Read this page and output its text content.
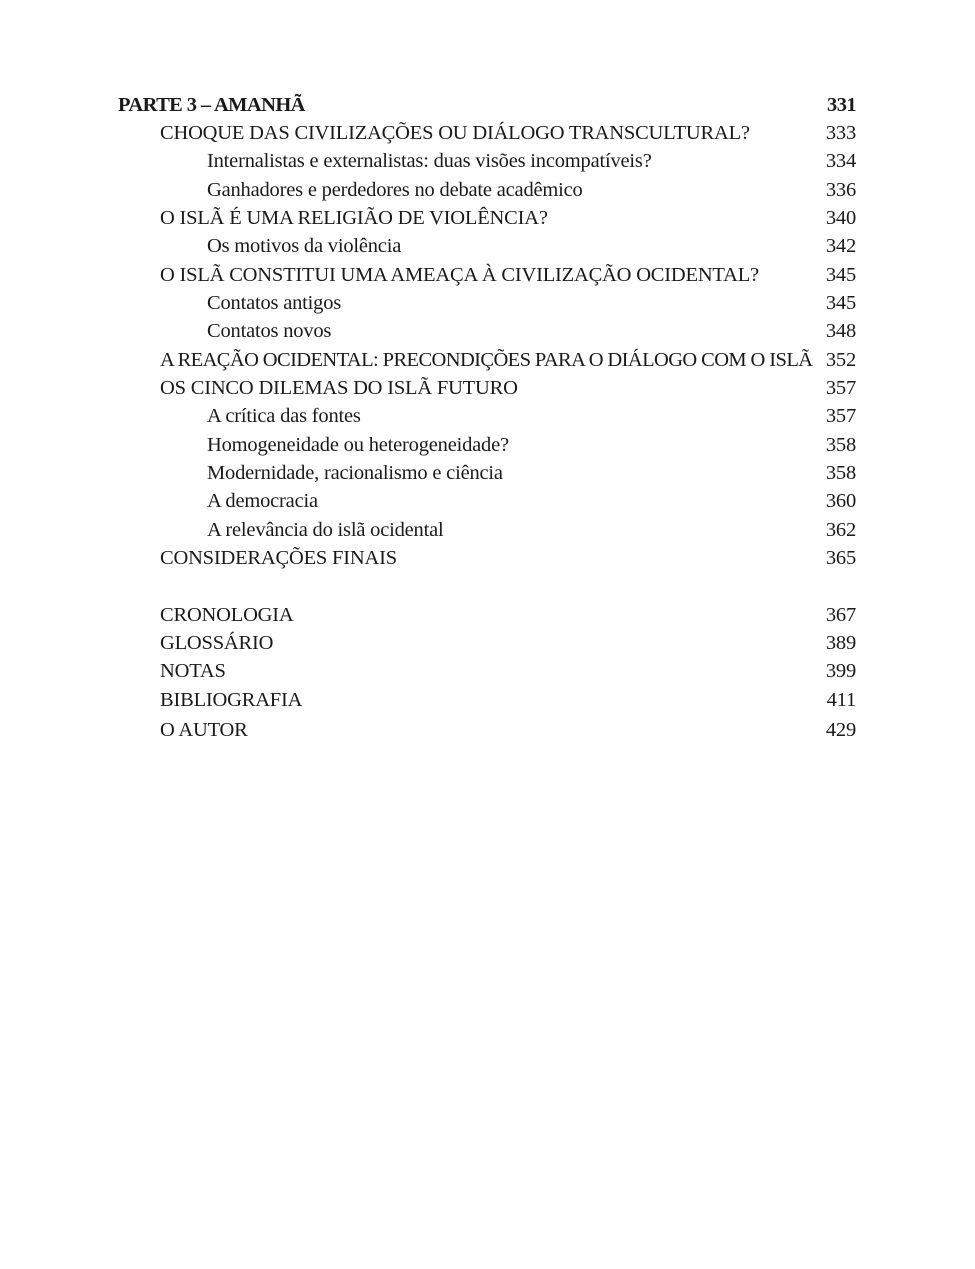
PARTE 3 – AMANHÃ	331
CHOQUE DAS CIVILIZAÇÕES OU DIÁLOGO TRANSCULTURAL?	333
Internalistas e externalistas: duas visões incompatíveis?	334
Ganhadores e perdedores no debate acadêmico	336
O ISLÃ É UMA RELIGIÃO DE VIOLÊNCIA?	340
Os motivos da violência	342
O ISLÃ CONSTITUI UMA AMEAÇA À CIVILIZAÇÃO OCIDENTAL?	345
Contatos antigos	345
Contatos novos	348
A REAÇÃO OCIDENTAL: PRECONDIÇÕES PARA O DIÁLOGO COM O ISLÃ 352
OS CINCO DILEMAS DO ISLÃ FUTURO	357
A crítica das fontes	357
Homogeneidade ou heterogeneidade?	358
Modernidade, racionalismo e ciência	358
A democracia	360
A relevância do islã ocidental	362
CONSIDERAÇÕES FINAIS	365
CRONOLOGIA	367
GLOSSÁRIO	389
NOTAS	399
BIBLIOGRAFIA	411
O AUTOR	429
